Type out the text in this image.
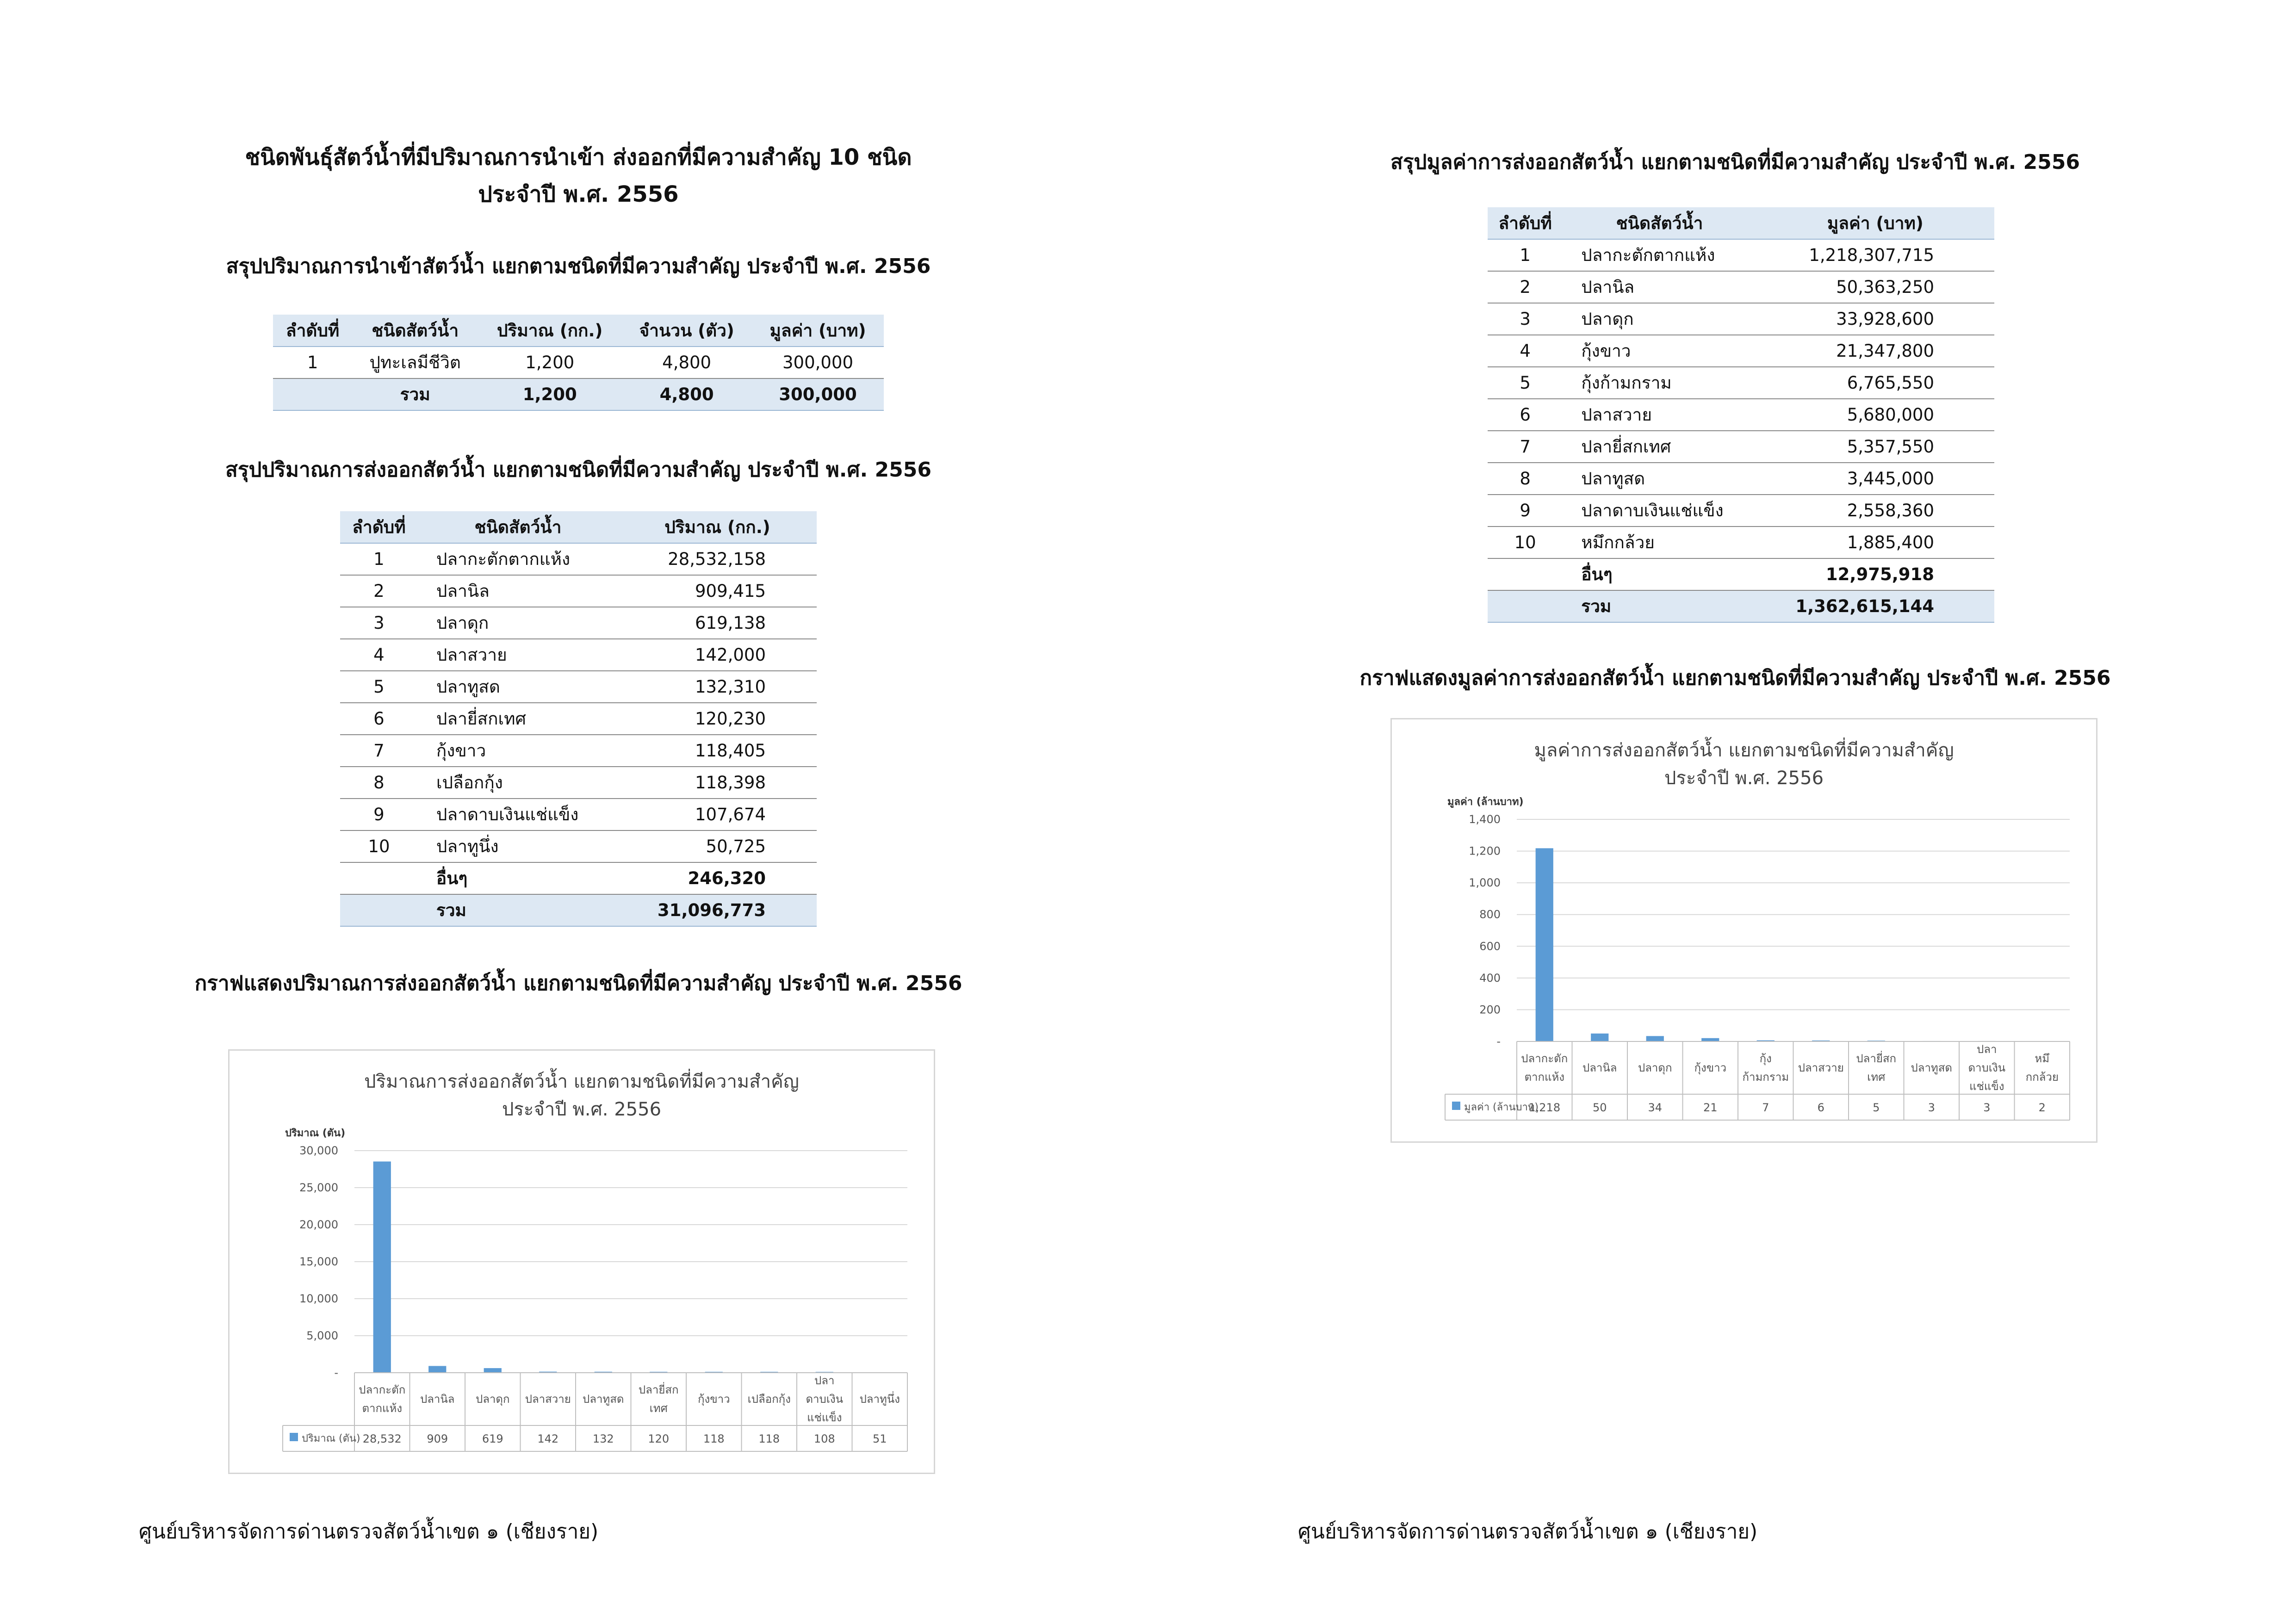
ชนิดพันธุ์สัตว์น้ำที่มีปริมาณการนำเข้า ส่งออกที่มีความสำคัญ 10 ชนิด
ประจำปี พ.ศ. 2556
สรุปปริมาณการนำเข้าสัตว์น้ำ แยกตามชนิดที่มีความสำคัญ ประจำปี พ.ศ. 2556
ลำดับที่	ชนิดสัตว์น้ำ	ปริมาณ (กก.)	จำนวน (ตัว)	มูลค่า (บาท)
1	ปูทะเลมีชีวิต	1,200	4,800	300,000
	รวม	1,200	4,800	300,000
สรุปปริมาณการส่งออกสัตว์น้ำ แยกตามชนิดที่มีความสำคัญ ประจำปี พ.ศ. 2556
ลำดับที่	ชนิดสัตว์น้ำ	ปริมาณ (กก.)
1	ปลากะตักตากแห้ง	28,532,158
2	ปลานิล	909,415
3	ปลาดุก	619,138
4	ปลาสวาย	142,000
5	ปลาทูสด	132,310
6	ปลายี่สกเทศ	120,230
7	กุ้งขาว	118,405
8	เปลือกกุ้ง	118,398
9	ปลาดาบเงินแช่แข็ง	107,674
10	ปลาทูนึ่ง	50,725
	อื่นๆ	246,320
	รวม	31,096,773
กราฟแสดงปริมาณการส่งออกสัตว์น้ำ แยกตามชนิดที่มีความสำคัญ ประจำปี พ.ศ. 2556
ปริมาณการส่งออกสัตว์น้ำ แยกตามชนิดที่มีความสำคัญ
ประจำปี พ.ศ. 2556
ปริมาณ (ตัน)
-
5,000
10,000
15,000
20,000
25,000
30,000
ปลากะตัก
ตากแห้ง
ปลานิล ปลาดุก ปลาสวาย ปลาทูสด
ปลายี่สก
เทศ
กุ้งขาว เปลือกกุ้ง
ปลา
ดาบเงิน
แช่แข็ง
ปลาทูนึ่ง
ปริมาณ (ตัน) 28,532 909	619	142	132	120	118	118	108	51
ศูนย์บริหารจัดการด่านตรวจสัตว์น้ำเขต ๑ (เชียงราย)
สรุปมูลค่าการส่งออกสัตว์น้ำ แยกตามชนิดที่มีความสำคัญ ประจำปี พ.ศ. 2556
ลำดับที่	ชนิดสัตว์น้ำ	มูลค่า (บาท)
1	ปลากะตักตากแห้ง	1,218,307,715
2	ปลานิล	50,363,250
3	ปลาดุก	33,928,600
4	กุ้งขาว	21,347,800
5	กุ้งก้ามกราม	6,765,550
6	ปลาสวาย	5,680,000
7	ปลายี่สกเทศ	5,357,550
8	ปลาทูสด	3,445,000
9	ปลาดาบเงินแช่แข็ง	2,558,360
10	หมึกกล้วย	1,885,400
	อื่นๆ	12,975,918
	รวม	1,362,615,144
กราฟแสดงมูลค่าการส่งออกสัตว์น้ำ แยกตามชนิดที่มีความสำคัญ ประจำปี พ.ศ. 2556
มูลค่าการส่งออกสัตว์น้ำ แยกตามชนิดที่มีความสำคัญ
ประจำปี พ.ศ. 2556
มูลค่า (ล้านบาท)
-
200
400
600
800
1,000
1,200
1,400
ปลากะตัก
ตากแห้ง
ปลานิล ปลาดุก กุ้งขาว
กุ้ง
ก้ามกราม
ปลาสวาย
ปลายี่สก
เทศ
ปลาทูสด
ปลา
ดาบเงิน
แช่แข็ง
หมึ
กกล้วย
มูลค่า (ล้านบาท)
1,218	50	34	21	7	6	5	3	3	2
ศูนย์บริหารจัดการด่านตรวจสัตว์น้ำเขต ๑ (เชียงราย)
